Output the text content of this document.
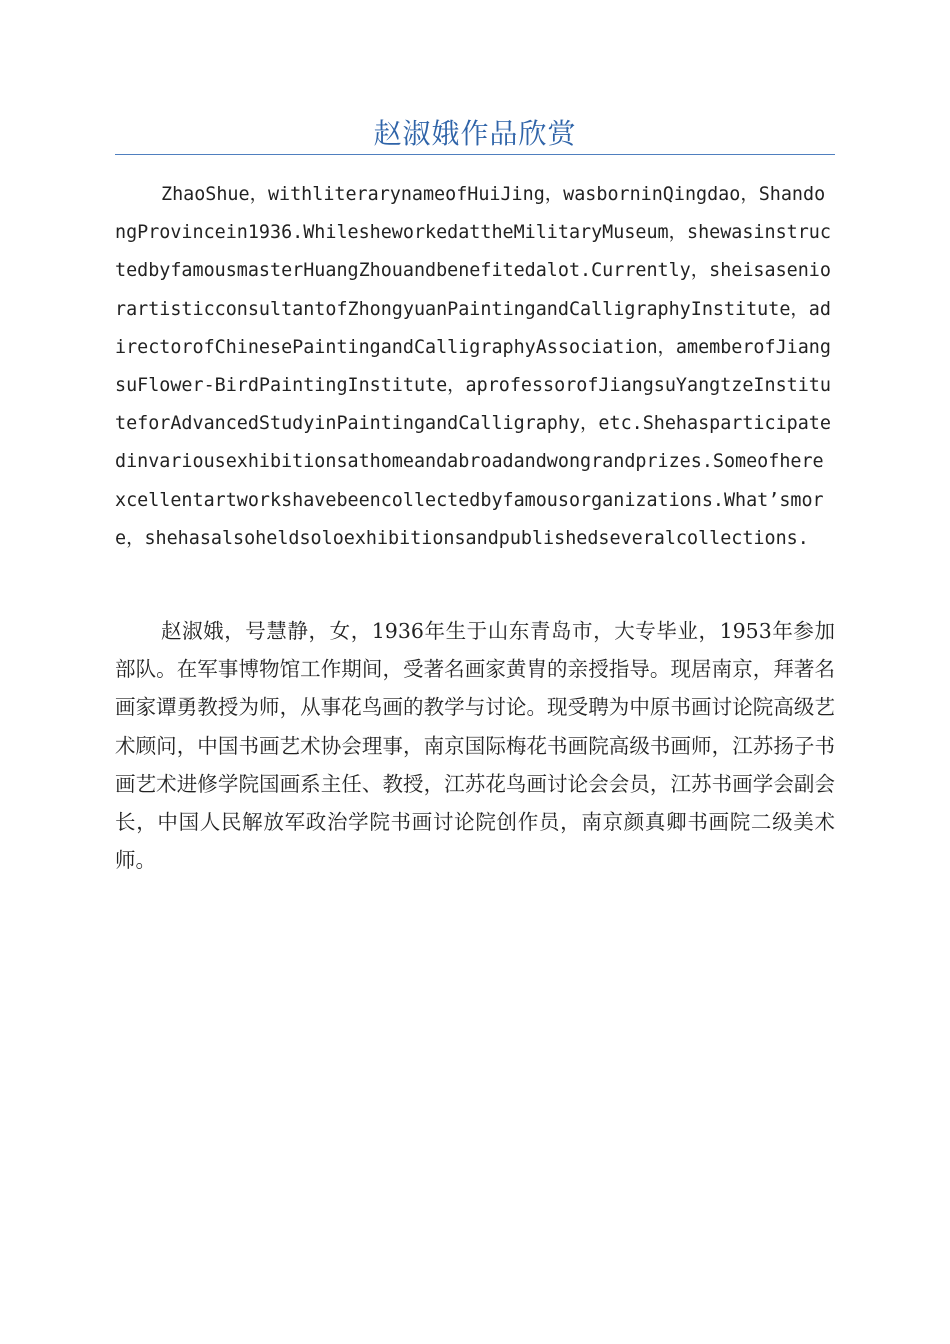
赵淑娥作品欣赏

ZhaoShue，withliterarynameofHuiJing，wasborninQingdao，ShandongProvincein1936.WhilesheworkedattheMilitaryMuseum，shewasinstructedbyfamousmasterHuangZhouandbenefitedalot.Currently，sheisaseniorartisticconsultantofZhongyuanPaintingandCalligraphyInstitute，adirectorofChinesePaintingandCalligraphyAssociation，amemberofJiangsuFlower-BirdPaintingInstitute，aprofessorofJiangsuYangtzeInstituteforAdvancedStudyinPaintingandCalligraphy，etc.Shehasparticipatedinvariousexhibitionsathomeandabroadandwongrandprizes.Someofherexcellentartworkshavebeencollectedbyfamousorganizations.What’smore，shehasalsoheldsoloexhibitionsandpublishedseveralcollections.

赵淑娥，号慧静，女，1936年生于山东青岛市，大专毕业，1953年参加部队。在军事博物馆工作期间，受著名画家黄胄的亲授指导。现居南京，拜著名画家谭勇教授为师，从事花鸟画的教学与讨论。现受聘为中原书画讨论院高级艺术顾问，中国书画艺术协会理事，南京国际梅花书画院高级书画师，江苏扬子书画艺术进修学院国画系主任、教授，江苏花鸟画讨论会会员，江苏书画学会副会长，中国人民解放军政治学院书画讨论院创作员，南京颜真卿书画院二级美术师。
